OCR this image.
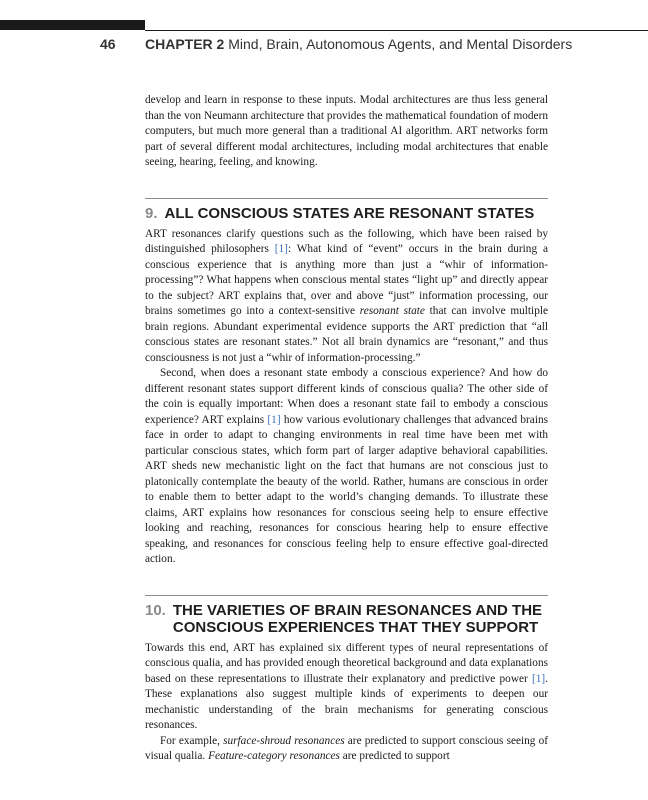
46 CHAPTER 2 Mind, Brain, Autonomous Agents, and Mental Disorders

develop and learn in response to these inputs. Modal architectures are thus less general than the von Neumann architecture that provides the mathematical foundation of modern computers, but much more general than a traditional AI algorithm. ART networks form part of several different modal architectures, including modal architectures that enable seeing, hearing, feeling, and knowing.

9. ALL CONSCIOUS STATES ARE RESONANT STATES

ART resonances clarify questions such as the following, which have been raised by distinguished philosophers [1]: What kind of “event” occurs in the brain during a conscious experience that is anything more than just a “whir of information-processing”? What happens when conscious mental states “light up” and directly appear to the subject? ART explains that, over and above “just” information processing, our brains sometimes go into a context-sensitive resonant state that can involve multiple brain regions. Abundant experimental evidence supports the ART prediction that “all conscious states are resonant states.” Not all brain dynamics are “resonant,” and thus consciousness is not just a “whir of information-processing.”

Second, when does a resonant state embody a conscious experience? And how do different resonant states support different kinds of conscious qualia? The other side of the coin is equally important: When does a resonant state fail to embody a conscious experience? ART explains [1] how various evolutionary challenges that advanced brains face in order to adapt to changing environments in real time have been met with particular conscious states, which form part of larger adaptive behavioral capabilities. ART sheds new mechanistic light on the fact that humans are not conscious just to platonically contemplate the beauty of the world. Rather, humans are conscious in order to enable them to better adapt to the world’s changing demands. To illustrate these claims, ART explains how resonances for conscious seeing help to ensure effective looking and reaching, resonances for conscious hearing help to ensure effective speaking, and resonances for conscious feeling help to ensure effective goal-directed action.

10. THE VARIETIES OF BRAIN RESONANCES AND THE CONSCIOUS EXPERIENCES THAT THEY SUPPORT

Towards this end, ART has explained six different types of neural representations of conscious qualia, and has provided enough theoretical background and data explanations based on these representations to illustrate their explanatory and predictive power [1]. These explanations also suggest multiple kinds of experiments to deepen our mechanistic understanding of the brain mechanisms for generating conscious resonances.

For example, surface-shroud resonances are predicted to support conscious seeing of visual qualia. Feature-category resonances are predicted to support
